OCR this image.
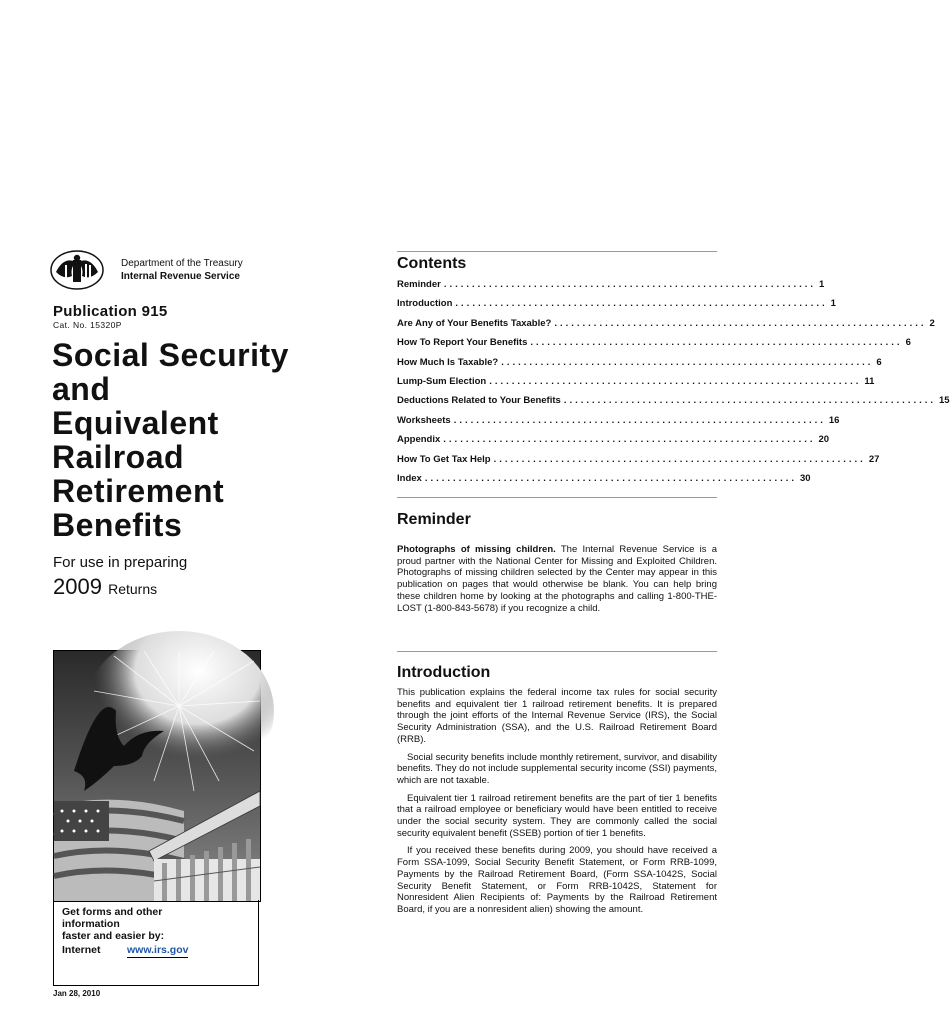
Department of the Treasury
Internal Revenue Service
Publication 915
Cat. No. 15320P
Social Security
and
Equivalent
Railroad
Retirement
Benefits
For use in preparing
2009 Returns
Get forms and other
information
faster and easier by:
Internet	www.irs.gov
Jan 28, 2010
Contents
Reminder .................................................................. 1
Introduction .................................................................. 1
Are Any of Your Benefits Taxable? .................................................................. 2
How To Report Your Benefits .................................................................. 6
How Much Is Taxable? .................................................................. 6
Lump-Sum Election .................................................................. 11
Deductions Related to Your Benefits .................................................................. 15
Worksheets .................................................................. 16
Appendix .................................................................. 20
How To Get Tax Help .................................................................. 27
Index .................................................................. 30
Reminder

Photographs of missing children. The Internal Revenue Service is a proud partner with the National Center for Missing and Exploited Children. Photographs of missing children selected by the Center may appear in this publication on pages that would otherwise be blank. You can help bring these children home by looking at the photographs and calling 1-800-THE-LOST (1-800-843-5678) if you recognize a child.

Introduction

This publication explains the federal income tax rules for social security benefits and equivalent tier 1 railroad retirement benefits. It is prepared through the joint efforts of the Internal Revenue Service (IRS), the Social Security Administration (SSA), and the U.S. Railroad Retirement Board (RRB).

Social security benefits include monthly retirement, survivor, and disability benefits. They do not include supplemental security income (SSI) payments, which are not taxable.

Equivalent tier 1 railroad retirement benefits are the part of tier 1 benefits that a railroad employee or beneficiary would have been entitled to receive under the social security system. They are commonly called the social security equivalent benefit (SSEB) portion of tier 1 benefits.

If you received these benefits during 2009, you should have received a Form SSA-1099, Social Security Benefit Statement, or Form RRB-1099, Payments by the Railroad Retirement Board, (Form SSA-1042S, Social Security Benefit Statement, or Form RRB-1042S, Statement for Nonresident Alien Recipients of: Payments by the Railroad Retirement Board, if you are a nonresident alien) showing the amount.
